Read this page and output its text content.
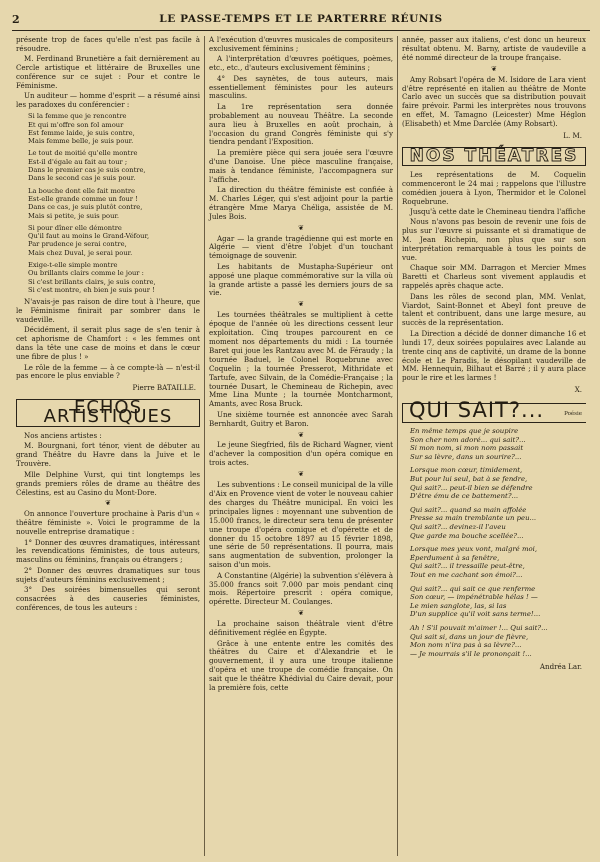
2	LE PASSE-TEMPS ET LE PARTERRE RÉUNIS

présente trop de faces qu'elle n'est pas facile à résoudre.

M. Ferdinand Brunetière a fait dernièrement au Cercle artistique et littéraire de Bruxelles une conférence sur ce sujet : Pour et contre le Féminisme.

Un auditeur — homme d'esprit — a résumé ainsi les paradoxes du conférencier :

Si la femme que je rencontre
Et qui m'offre son fol amour
Est femme laide, je suis contre,
Mais femme belle, je suis pour.
Le tout de moitié qu'elle montre
Est-il d'égale au fait au tour ;
Dans le premier cas je suis contre,
Dans le second cas je suis pour.
La bouche dont elle fait montre
Est-elle grande comme un four !
Dans ce cas, je suis plutôt contre,
Mais si petite, je suis pour.
Si pour dîner elle démontre
Qu'il faut au moins le Grand-Véfour,
Par prudence je serai contre,
Mais chez Duval, je serai pour.
Exige-t-elle simple montre
Ou brillants clairs comme le jour :
Si c'est brillants clairs, je suis contre,
Si c'est montre, eh bien je suis pour !

N'avais-je pas raison de dire tout à l'heure, que le Féminisme finirait par sombrer dans le vaudeville.

Décidément, il serait plus sage de s'en tenir à cet aphorisme de Chamfort : « les femmes ont dans la tête une case de moins et dans le cœur une fibre de plus ! »

Le rôle de la femme — à ce compte-là — n'est-il pas encore le plus enviable ?

Pierre BATAILLE.
ECHOS ARTISTIQUES

Nos anciens artistes :

M. Bourgnani, fort ténor, vient de débuter au grand Théâtre du Havre dans la Juive et le Trouvère.

Mlle Delphine Vurst, qui tint longtemps les grands premiers rôles de drame au théâtre des Célestins, est au Casino du Mont-Dore.

❦

On annonce l'ouverture prochaine à Paris d'un « théâtre féministe ». Voici le programme de la nouvelle entreprise dramatique :

1° Donner des œuvres dramatiques, intéressant les revendications féministes, de tous auteurs, masculins ou féminins, français ou étrangers ;

2° Donner des œuvres dramatiques sur tous sujets d'auteurs féminins exclusivement ;

3° Des soirées bimensuelles qui seront consacrées à des causeries féministes, conférences, de tous les auteurs :

A l'exécution d'œuvres musicales de compositeurs exclusivement féminins ;

A l'interprétation d'œuvres poétiques, poèmes, etc., etc., d'auteurs exclusivement féminins ;

4° Des saynètes, de tous auteurs, mais essentiellement féministes pour les auteurs masculins.

La 1re représentation sera donnée probablement au nouveau Théâtre. La seconde aura lieu à Bruxelles en août prochain, à l'occasion du grand Congrès féministe qui s'y tiendra pendant l'Exposition.

La première pièce qui sera jouée sera l'œuvre d'une Danoise. Une pièce masculine française, mais à tendance féministe, l'accompagnera sur l'affiche.

La direction du théâtre féministe est confiée à M. Charles Léger, qui s'est adjoint pour la partie étrangère Mme Marya Chéliga, assistée de M. Jules Bois.

❦

Agar — la grande tragédienne qui est morte en Algérie — vient d'être l'objet d'un touchant témoignage de souvenir.

Les habitants de Mustapha-Supérieur ont apposé une plaque commémorative sur la villa où la grande artiste a passé les derniers jours de sa vie.

❦

Les tournées théâtrales se multiplient à cette époque de l'année où les directions cessent leur exploitation. Cinq troupes parcourent en ce moment nos départements du midi : La tournée Baret qui joue les Rantzau avec M. de Féraudy ; la tournée Baduel, le Colonel Roquebrune avec Coquelin ; la tournée Presserot, Mithridate et Tartufe, avec Silvain, de la Comédie-Française ; la tournée Dusart, le Chemineau de Richepin, avec Mme Lina Munte ; la tournée Montcharmont, Amants, avec Rosa Bruck.

Une sixième tournée est annoncée avec Sarah Bernhardt, Guitry et Baron.

❦

Le jeune Siegfried, fils de Richard Wagner, vient d'achever la composition d'un opéra comique en trois actes.

❦

Les subventions : Le conseil municipal de la ville d'Aix en Provence vient de voter le nouveau cahier des charges du Théâtre municipal. En voici les principales lignes : moyennant une subvention de 15.000 francs, le directeur sera tenu de présenter une troupe d'opéra comique et d'opérette et de donner du 15 octobre 1897 au 15 février 1898, une série de 50 représentations. Il pourra, mais sans augmentation de subvention, prolonger la saison d'un mois.

A Constantine (Algérie) la subvention s'élèvera à 35.000 francs soit 7.000 par mois pendant cinq mois. Répertoire prescrit : opéra comique, opérette. Directeur M. Coulanges.

❦

La prochaine saison théâtrale vient d'être définitivement réglée en Égypte.

Grâce à une entente entre les comités des théâtres du Caire et d'Alexandrie et le gouvernement, il y aura une troupe italienne d'opéra et une troupe de comédie française. On sait que le théâtre Khédivial du Caire devait, pour la première fois, cette

année, passer aux italiens, c'est donc un heureux résultat obtenu. M. Barny, artiste de vaudeville a été nommé directeur de la troupe française.

❦

Amy Robsart l'opéra de M. Isidore de Lara vient d'être représenté en italien au théâtre de Monte Carlo avec un succès que sa distribution pouvait faire prévoir. Parmi les interprètes nous trouvons en effet, M. Tamagno (Leicester) Mme Héglon (Elisabeth) et Mme Darclée (Amy Robsart).

L. M.
NOS THÉATRES

Les représentations de M. Coquelin commenceront le 24 mai ; rappelons que l'illustre comédien jouera à Lyon, Thermidor et le Colonel Roquebrune.

Jusqu'à cette date le Chemineau tiendra l'affiche

Nous n'avons pas besoin de revenir une fois de plus sur l'œuvre si puissante et si dramatique de M. Jean Richepin, non plus que sur son interprétation remarquable à tous les points de vue.

Chaque soir MM. Darragon et Mercier Mmes Baretti et Charleus sont vivement applaudis et rappelés après chaque acte.

Dans les rôles de second plan, MM. Venlat, Viardot, Saint-Bonnet et Abeyl font preuve de talent et contribuent, dans une large mesure, au succès de la représentation.

La Direction a décidé de donner dimanche 16 et lundi 17, deux soirées populaires avec Lalande au trente cinq ans de captivité, un drame de la bonne école et Le Paradis, le désopilant vaudeville de MM. Hennequin, Bilhaut et Barré ; il y aura place pour le rire et les larmes !

X.
QUI SAIT?...	Poésie
En même temps que je soupire
Son cher nom adoré... qui sait?...
Si mon nom, si mon nom passait
Sur sa lèvre, dans un sourire?...
Lorsque mon cœur, timidement,
But pour lui seul, bat à se fendre,
Qui sait?... peut-il bien se défendre
D'être ému de ce battement?...
Qui sait?... quand sa main affolée
Presse sa main tremblante un peu...
Qui sait?... devinez-il l'aveu
Que garde ma bouche scellée?...
Lorsque mes yeux vont, malgré moi,
Éperdument à sa fenêtre,
Qui sait?... il tressaille peut-être,
Tout en me cachant son émoi?...
Qui sait?... qui sait ce que renferme
Son cœur, — impénétrable hélas ! —
Le mien sanglote, las, si las
D'un supplice qu'il voit sans terme!...
Ah ! S'il pouvait m'aimer !... Qui sait?...
Qui sait si, dans un jour de fièvre,
Mon nom n'ira pas à sa lèvre?...
— Je mourrais s'il le prononçait !...
Andréa Lar.
